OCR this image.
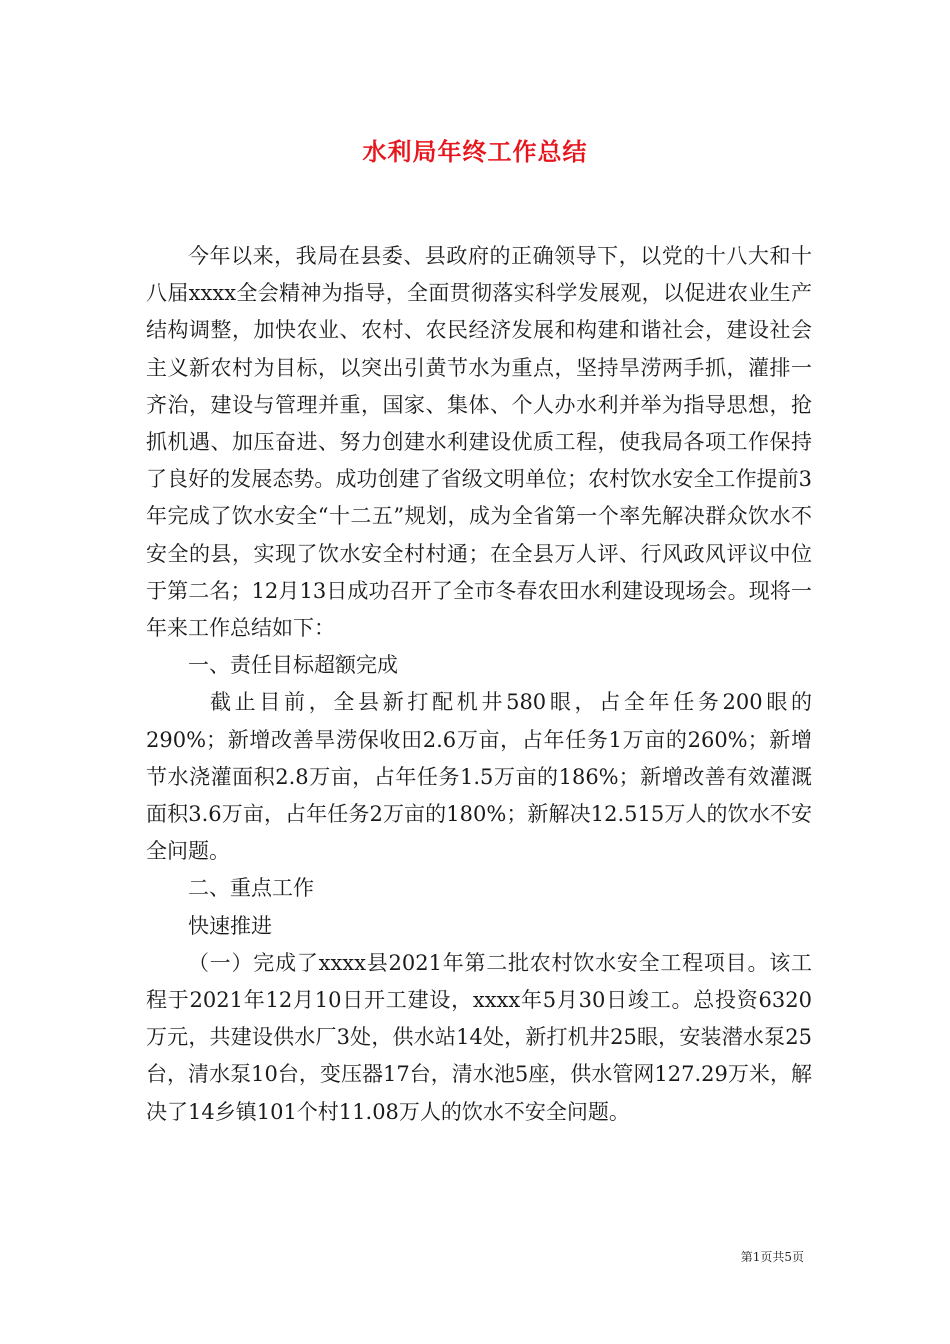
水利局年终工作总结

今年以来，我局在县委、县政府的正确领导下，以党的十八大和十八届xxxx全会精神为指导，全面贯彻落实科学发展观，以促进农业生产结构调整，加快农业、农村、农民经济发展和构建和谐社会，建设社会主义新农村为目标，以突出引黄节水为重点，坚持旱涝两手抓，灌排一齐治，建设与管理并重，国家、集体、个人办水利并举为指导思想，抢抓机遇、加压奋进、努力创建水利建设优质工程，使我局各项工作保持了良好的发展态势。成功创建了省级文明单位；农村饮水安全工作提前3年完成了饮水安全“十二五”规划，成为全省第一个率先解决群众饮水不安全的县，实现了饮水安全村村通；在全县万人评、行风政风评议中位于第二名；12月13日成功召开了全市冬春农田水利建设现场会。现将一年来工作总结如下：

一、责任目标超额完成

截止目前，全县新打配机井580眼，占全年任务200眼的290%；新增改善旱涝保收田2.6万亩，占年任务1万亩的260%；新增节水浇灌面积2.8万亩，占年任务1.5万亩的186%；新增改善有效灌溉面积3.6万亩，占年任务2万亩的180%；新解决12.515万人的饮水不安全问题。

二、重点工作

快速推进

（一）完成了xxxx县2021年第二批农村饮水安全工程项目。该工程于2021年12月10日开工建设，xxxx年5月30日竣工。总投资6320万元，共建设供水厂3处，供水站14处，新打机井25眼，安装潜水泵25台，清水泵10台，变压器17台，清水池5座，供水管网127.29万米，解决了14乡镇101个村11.08万人的饮水不安全问题。

第1页共5页
